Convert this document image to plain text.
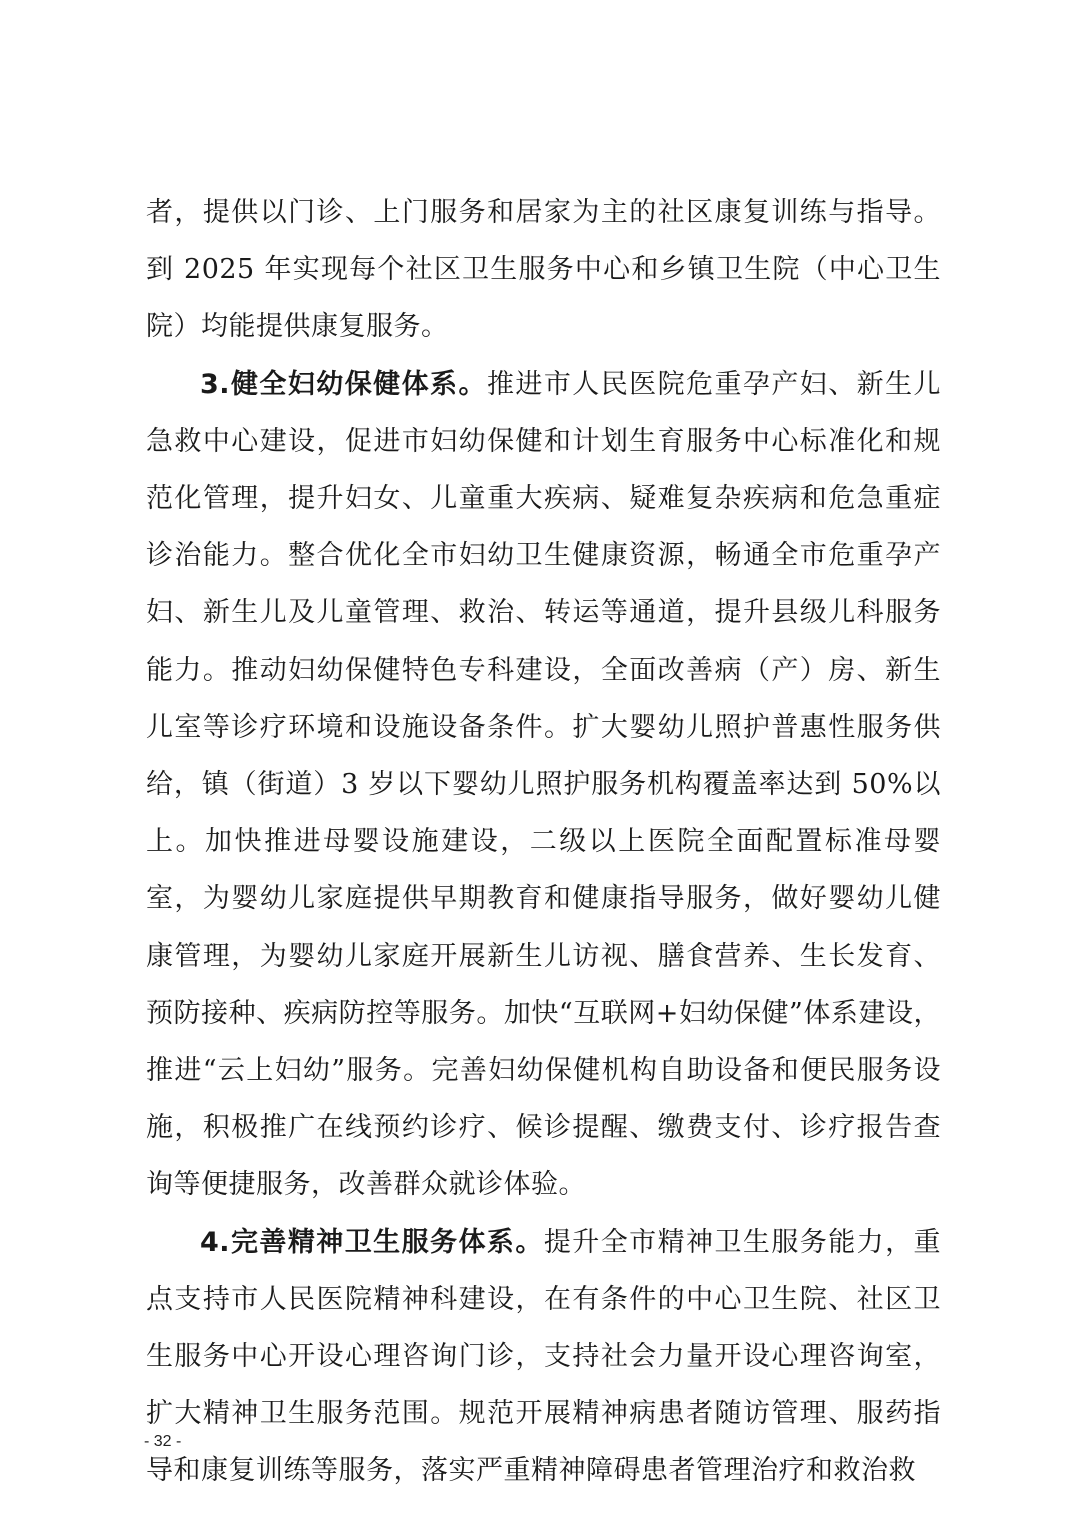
者，提供以门诊、上门服务和居家为主的社区康复训练与指导。到 2025 年实现每个社区卫生服务中心和乡镇卫生院（中心卫生院）均能提供康复服务。

3.健全妇幼保健体系。推进市人民医院危重孕产妇、新生儿急救中心建设，促进市妇幼保健和计划生育服务中心标准化和规范化管理，提升妇女、儿童重大疾病、疑难复杂疾病和危急重症诊治能力。整合优化全市妇幼卫生健康资源，畅通全市危重孕产妇、新生儿及儿童管理、救治、转运等通道，提升县级儿科服务能力。推动妇幼保健特色专科建设，全面改善病（产）房、新生儿室等诊疗环境和设施设备条件。扩大婴幼儿照护普惠性服务供给，镇（街道）3 岁以下婴幼儿照护服务机构覆盖率达到 50%以上。加快推进母婴设施建设，二级以上医院全面配置标准母婴室，为婴幼儿家庭提供早期教育和健康指导服务，做好婴幼儿健康管理，为婴幼儿家庭开展新生儿访视、膳食营养、生长发育、预防接种、疾病防控等服务。加快“互联网+妇幼保健”体系建设，推进“云上妇幼”服务。完善妇幼保健机构自助设备和便民服务设施，积极推广在线预约诊疗、候诊提醒、缴费支付、诊疗报告查询等便捷服务，改善群众就诊体验。

4.完善精神卫生服务体系。提升全市精神卫生服务能力，重点支持市人民医院精神科建设，在有条件的中心卫生院、社区卫生服务中心开设心理咨询门诊，支持社会力量开设心理咨询室，扩大精神卫生服务范围。规范开展精神病患者随访管理、服药指导和康复训练等服务，落实严重精神障碍患者管理治疗和救治救

- 32 -
